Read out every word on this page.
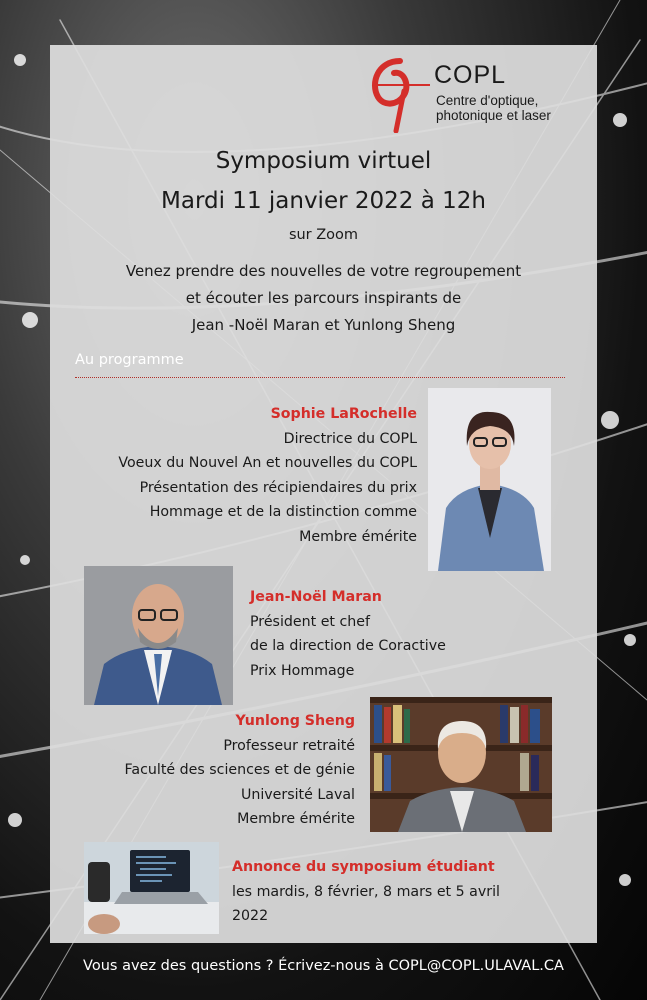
COPL
Centre d'optique,
photonique et laser
Symposium virtuel
Mardi 11 janvier 2022 à 12h
sur Zoom
Venez prendre des nouvelles de votre regroupement
et écouter les parcours inspirants de
Jean -Noël Maran et Yunlong Sheng
Au programme
Sophie LaRochelle
Directrice du COPL
Voeux du Nouvel An et nouvelles du COPL
Présentation des récipiendaires du prix
Hommage et de la distinction comme
Membre émérite
Jean-Noël Maran
Président et chef
de la direction de Coractive
Prix Hommage
Yunlong Sheng
Professeur retraité
Faculté des sciences et de génie
Université Laval
Membre émérite
Annonce du symposium étudiant
les mardis, 8 février, 8 mars et 5 avril
2022
Vous avez des questions ? Écrivez-nous à COPL@COPL.ULAVAL.CA
